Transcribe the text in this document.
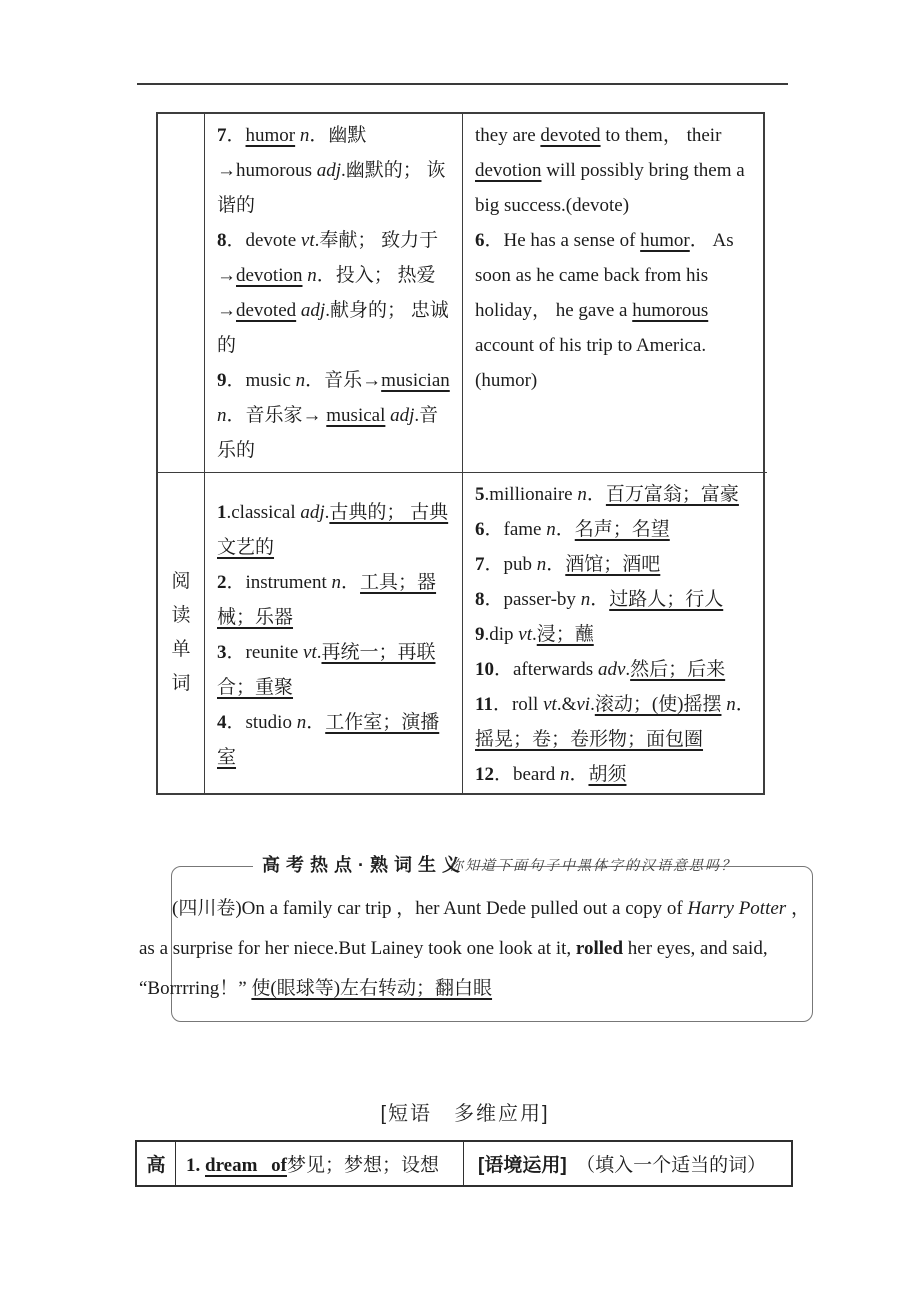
7．humor n．幽默→humorous adj.幽默的； 诙谐的
8．devote vt.奉献； 致力于→devotion n．投入； 热爱→devoted adj.献身的； 忠诚的
9．music n．音乐→musician n．音乐家→ musical adj.音乐的
they are devoted to them， their devotion will possibly bring them a big success.(devote)
6．He has a sense of humor． As soon as he came back from his holiday， he gave a humorous account of his trip to America.(humor)
阅读单词
1.classical adj.古典的； 古典文艺的
2．instrument n．工具；器械；乐器
3．reunite vt.再统一；再联合；重聚
4．studio n．工作室；演播室
5.millionaire n．百万富翁；富豪
6．fame n．名声；名望
7．pub n．酒馆；酒吧
8．passer-by n．过路人；行人
9.dip vt.浸；蘸
10．afterwards adv.然后；后来
11．roll vt.&vi.滚动；(使)摇摆 n．摇晃；卷；卷形物；面包圈
12．beard n．胡须
高考热点·熟词生义
你知道下面句子中黑体字的汉语意思吗？
(四川卷)On a family car trip ，her Aunt Dede pulled out a copy of Harry Potter ，as a surprise for her niece.But Lainey took one look at it, rolled her eyes, and said, “Borrrring！” 使(眼球等)左右转动；翻白眼
[短语　多维应用]
高	1. dream of梦见；梦想；设想 [语境运用]　（填入一个适当的词）
